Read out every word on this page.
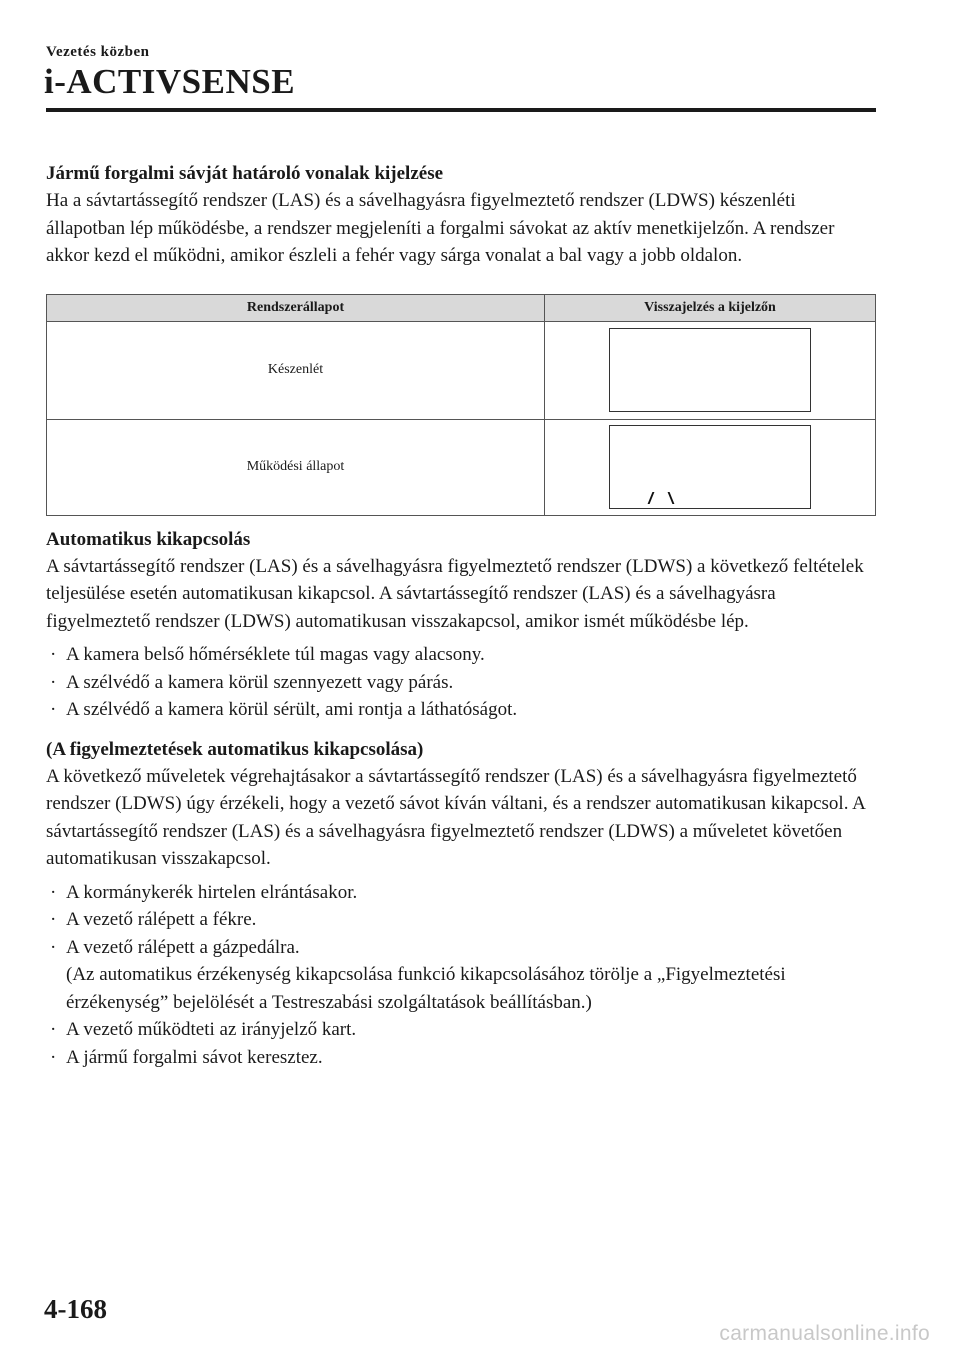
Vezetés közben
i-ACTIVSENSE
Jármű forgalmi sávját határoló vonalak kijelzése

Ha a sávtartássegítő rendszer (LAS) és a sávelhagyásra figyelmeztető rendszer (LDWS) készenléti állapotban lép működésbe, a rendszer megjeleníti a forgalmi sávokat az aktív menetkijelzőn. A rendszer akkor kezd el működni, amikor észleli a fehér vagy sárga vonalat a bal vagy a jobb oldalon.

Rendszerállapot	Visszajelzés a kijelzőn
Készenlét	

Működési állapot	
Automatikus kikapcsolás

A sávtartássegítő rendszer (LAS) és a sávelhagyásra figyelmeztető rendszer (LDWS) a következő feltételek teljesülése esetén automatikusan kikapcsol. A sávtartássegítő rendszer (LAS) és a sávelhagyásra figyelmeztető rendszer (LDWS) automatikusan visszakapcsol, amikor ismét működésbe lép.

· A kamera belső hőmérséklete túl magas vagy alacsony.
· A szélvédő a kamera körül szennyezett vagy párás.
· A szélvédő a kamera körül sérült, ami rontja a láthatóságot.
(A figyelmeztetések automatikus kikapcsolása)

A következő műveletek végrehajtásakor a sávtartássegítő rendszer (LAS) és a sávelhagyásra figyelmeztető rendszer (LDWS) úgy érzékeli, hogy a vezető sávot kíván váltani, és a rendszer automatikusan kikapcsol. A sávtartássegítő rendszer (LAS) és a sávelhagyásra figyelmeztető rendszer (LDWS) a műveletet követően automatikusan visszakapcsol.

· A kormánykerék hirtelen elrántásakor.
· A vezető rálépett a fékre.
· A vezető rálépett a gázpedálra.
(Az automatikus érzékenység kikapcsolása funkció kikapcsolásához törölje a „Figyelmeztetési érzékenység” bejelölését a Testreszabási szolgáltatások beállításban.)
· A vezető működteti az irányjelző kart.
· A jármű forgalmi sávot keresztez.
4-168
carmanualsonline.info
